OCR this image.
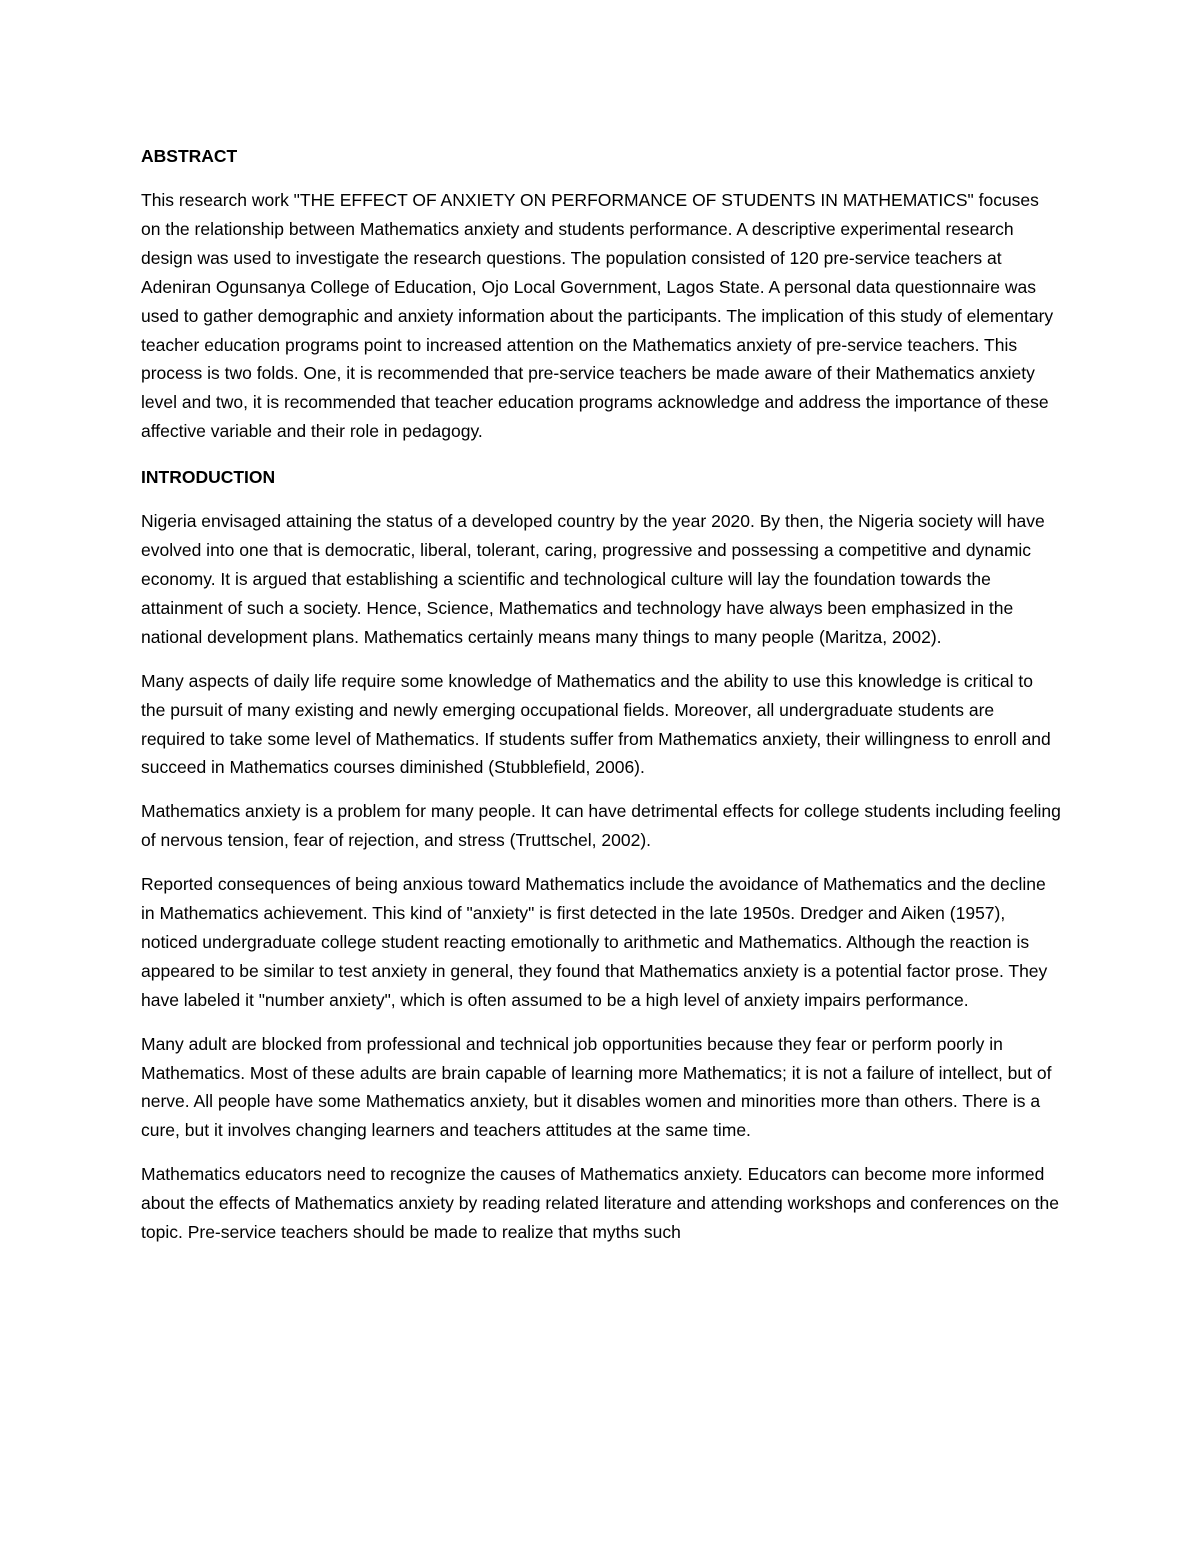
ABSTRACT
This research work "THE EFFECT OF ANXIETY ON PERFORMANCE OF STUDENTS IN MATHEMATICS" focuses on the relationship between Mathematics anxiety and students performance. A descriptive experimental research design was used to investigate the research questions. The population consisted of 120 pre-service teachers at Adeniran Ogunsanya College of Education, Ojo Local Government, Lagos State. A personal data questionnaire was used to gather demographic and anxiety information about the participants. The implication of this study of elementary teacher education programs point to increased attention on the Mathematics anxiety of pre-service teachers. This process is two folds. One, it is recommended that pre-service teachers be made aware of their Mathematics anxiety level and two, it is recommended that teacher education programs acknowledge and address the importance of these affective variable and their role in pedagogy.
INTRODUCTION
Nigeria envisaged attaining the status of a developed country by the year 2020. By then, the Nigeria society will have evolved into one that is democratic, liberal, tolerant, caring, progressive and possessing a competitive and dynamic economy. It is argued that establishing a scientific and technological culture will lay the foundation towards the attainment of such a society. Hence, Science, Mathematics and technology have always been emphasized in the national development plans. Mathematics certainly means many things to many people (Maritza, 2002).
Many aspects of daily life require some knowledge of Mathematics and the ability to use this knowledge is critical to the pursuit of many existing and newly emerging occupational fields. Moreover, all undergraduate students are required to take some level of Mathematics. If students suffer from Mathematics anxiety, their willingness to enroll and succeed in Mathematics courses diminished (Stubblefield, 2006).
Mathematics anxiety is a problem for many people. It can have detrimental effects for college students including feeling of nervous tension, fear of rejection, and stress (Truttschel, 2002).
Reported consequences of being anxious toward Mathematics include the avoidance of Mathematics and the decline in Mathematics achievement. This kind of "anxiety" is first detected in the late 1950s. Dredger and Aiken (1957), noticed undergraduate college student reacting emotionally to arithmetic and Mathematics. Although the reaction is appeared to be similar to test anxiety in general, they found that Mathematics anxiety is a potential factor prose. They have labeled it "number anxiety", which is often assumed to be a high level of anxiety impairs performance.
Many adult are blocked from professional and technical job opportunities because they fear or perform poorly in Mathematics. Most of these adults are brain capable of learning more Mathematics; it is not a failure of intellect, but of nerve. All people have some Mathematics anxiety, but it disables women and minorities more than others. There is a cure, but it involves changing learners and teachers attitudes at the same time.
Mathematics educators need to recognize the causes of Mathematics anxiety. Educators can become more informed about the effects of Mathematics anxiety by reading related literature and attending workshops and conferences on the topic. Pre-service teachers should be made to realize that myths such
